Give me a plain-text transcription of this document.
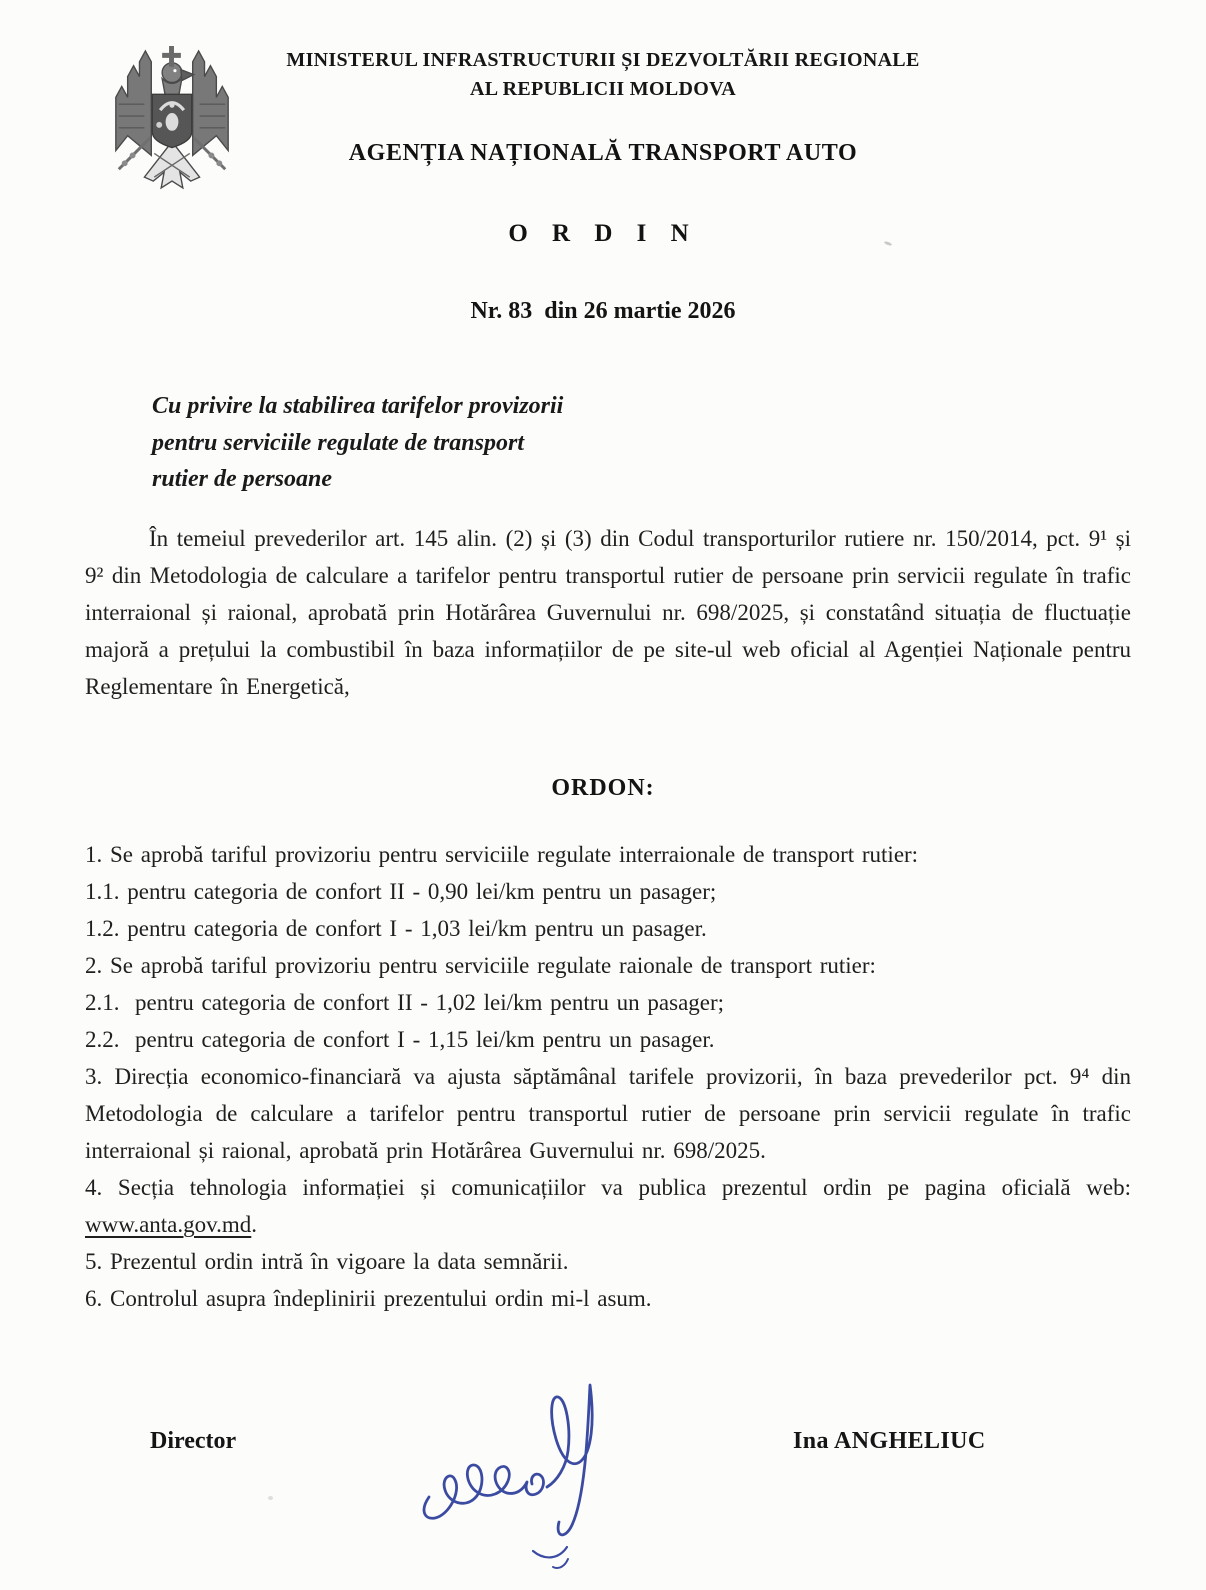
MINISTERUL INFRASTRUCTURII ȘI DEZVOLTĂRII REGIONALE
AL REPUBLICII MOLDOVA
AGENȚIA NAȚIONALĂ TRANSPORT AUTO
O R D I N
Nr. 83  din 26 martie 2026
Cu privire la stabilirea tarifelor provizorii
pentru serviciile regulate de transport
rutier de persoane
În temeiul prevederilor art. 145 alin. (2) și (3) din Codul transporturilor rutiere nr. 150/2014, pct. 9¹ și 9² din Metodologia de calculare a tarifelor pentru transportul rutier de persoane prin servicii regulate în trafic interraional și raional, aprobată prin Hotărârea Guvernului nr. 698/2025, și constatând situația de fluctuație majoră a prețului la combustibil în baza informațiilor de pe site-ul web oficial al Agenției Naționale pentru Reglementare în Energetică,
ORDON:

1. Se aprobă tariful provizoriu pentru serviciile regulate interraionale de transport rutier:

1.1. pentru categoria de confort II - 0,90 lei/km pentru un pasager;

1.2. pentru categoria de confort I - 1,03 lei/km pentru un pasager.

2. Se aprobă tariful provizoriu pentru serviciile regulate raionale de transport rutier:

2.1.  pentru categoria de confort II - 1,02 lei/km pentru un pasager;

2.2.  pentru categoria de confort I - 1,15 lei/km pentru un pasager.

3. Direcția economico-financiară va ajusta săptămânal tarifele provizorii, în baza prevederilor pct. 9⁴ din Metodologia de calculare a tarifelor pentru transportul rutier de persoane prin servicii regulate în trafic interraional și raional, aprobată prin Hotărârea Guvernului nr. 698/2025.

4. Secția tehnologia informației și comunicațiilor va publica prezentul ordin pe pagina oficială web: www.anta.gov.md.

5. Prezentul ordin intră în vigoare la data semnării.

6. Controlul asupra îndeplinirii prezentului ordin mi-l asum.

Director	Ina ANGHELIUC
